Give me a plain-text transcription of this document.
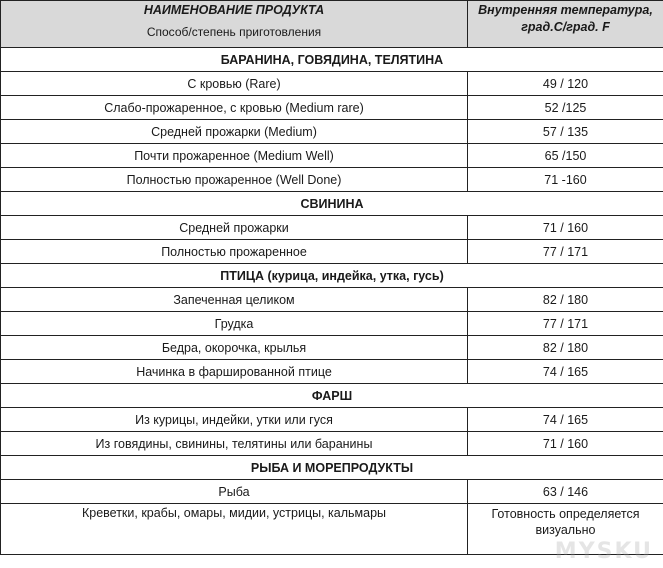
НАИМЕНОВАНИЕ ПРОДУКТА
Способ/степень приготовления	Внутренняя температура, град.С/град. F

БАРАНИНА, ГОВЯДИНА, ТЕЛЯТИНА	
С кровью (Rare)	49 / 120

Слабо-прожаренное, с кровью (Medium rare)	52 /125

Средней прожарки (Medium)	57 / 135

Почти прожаренное (Medium Well)	65 /150

Полностью прожаренное (Well Done)	71 -160

СВИНИНА	
Средней прожарки	71 / 160

Полностью прожаренное	77 / 171

ПТИЦА (курица, индейка, утка, гусь)	
Запеченная целиком	82 / 180

Грудка	77 / 171

Бедра, окорочка, крылья	82 / 180

Начинка в фаршированной птице	74 / 165

ФАРШ	
Из курицы, индейки, утки или гуся	74 / 165

Из говядины, свинины, телятины или баранины	71 / 160

РЫБА И МОРЕПРОДУКТЫ	
Рыба	63 / 146

Креветки, крабы, омары, мидии, устрицы, кальмары	Готовность определяется визуально
MYSKU
